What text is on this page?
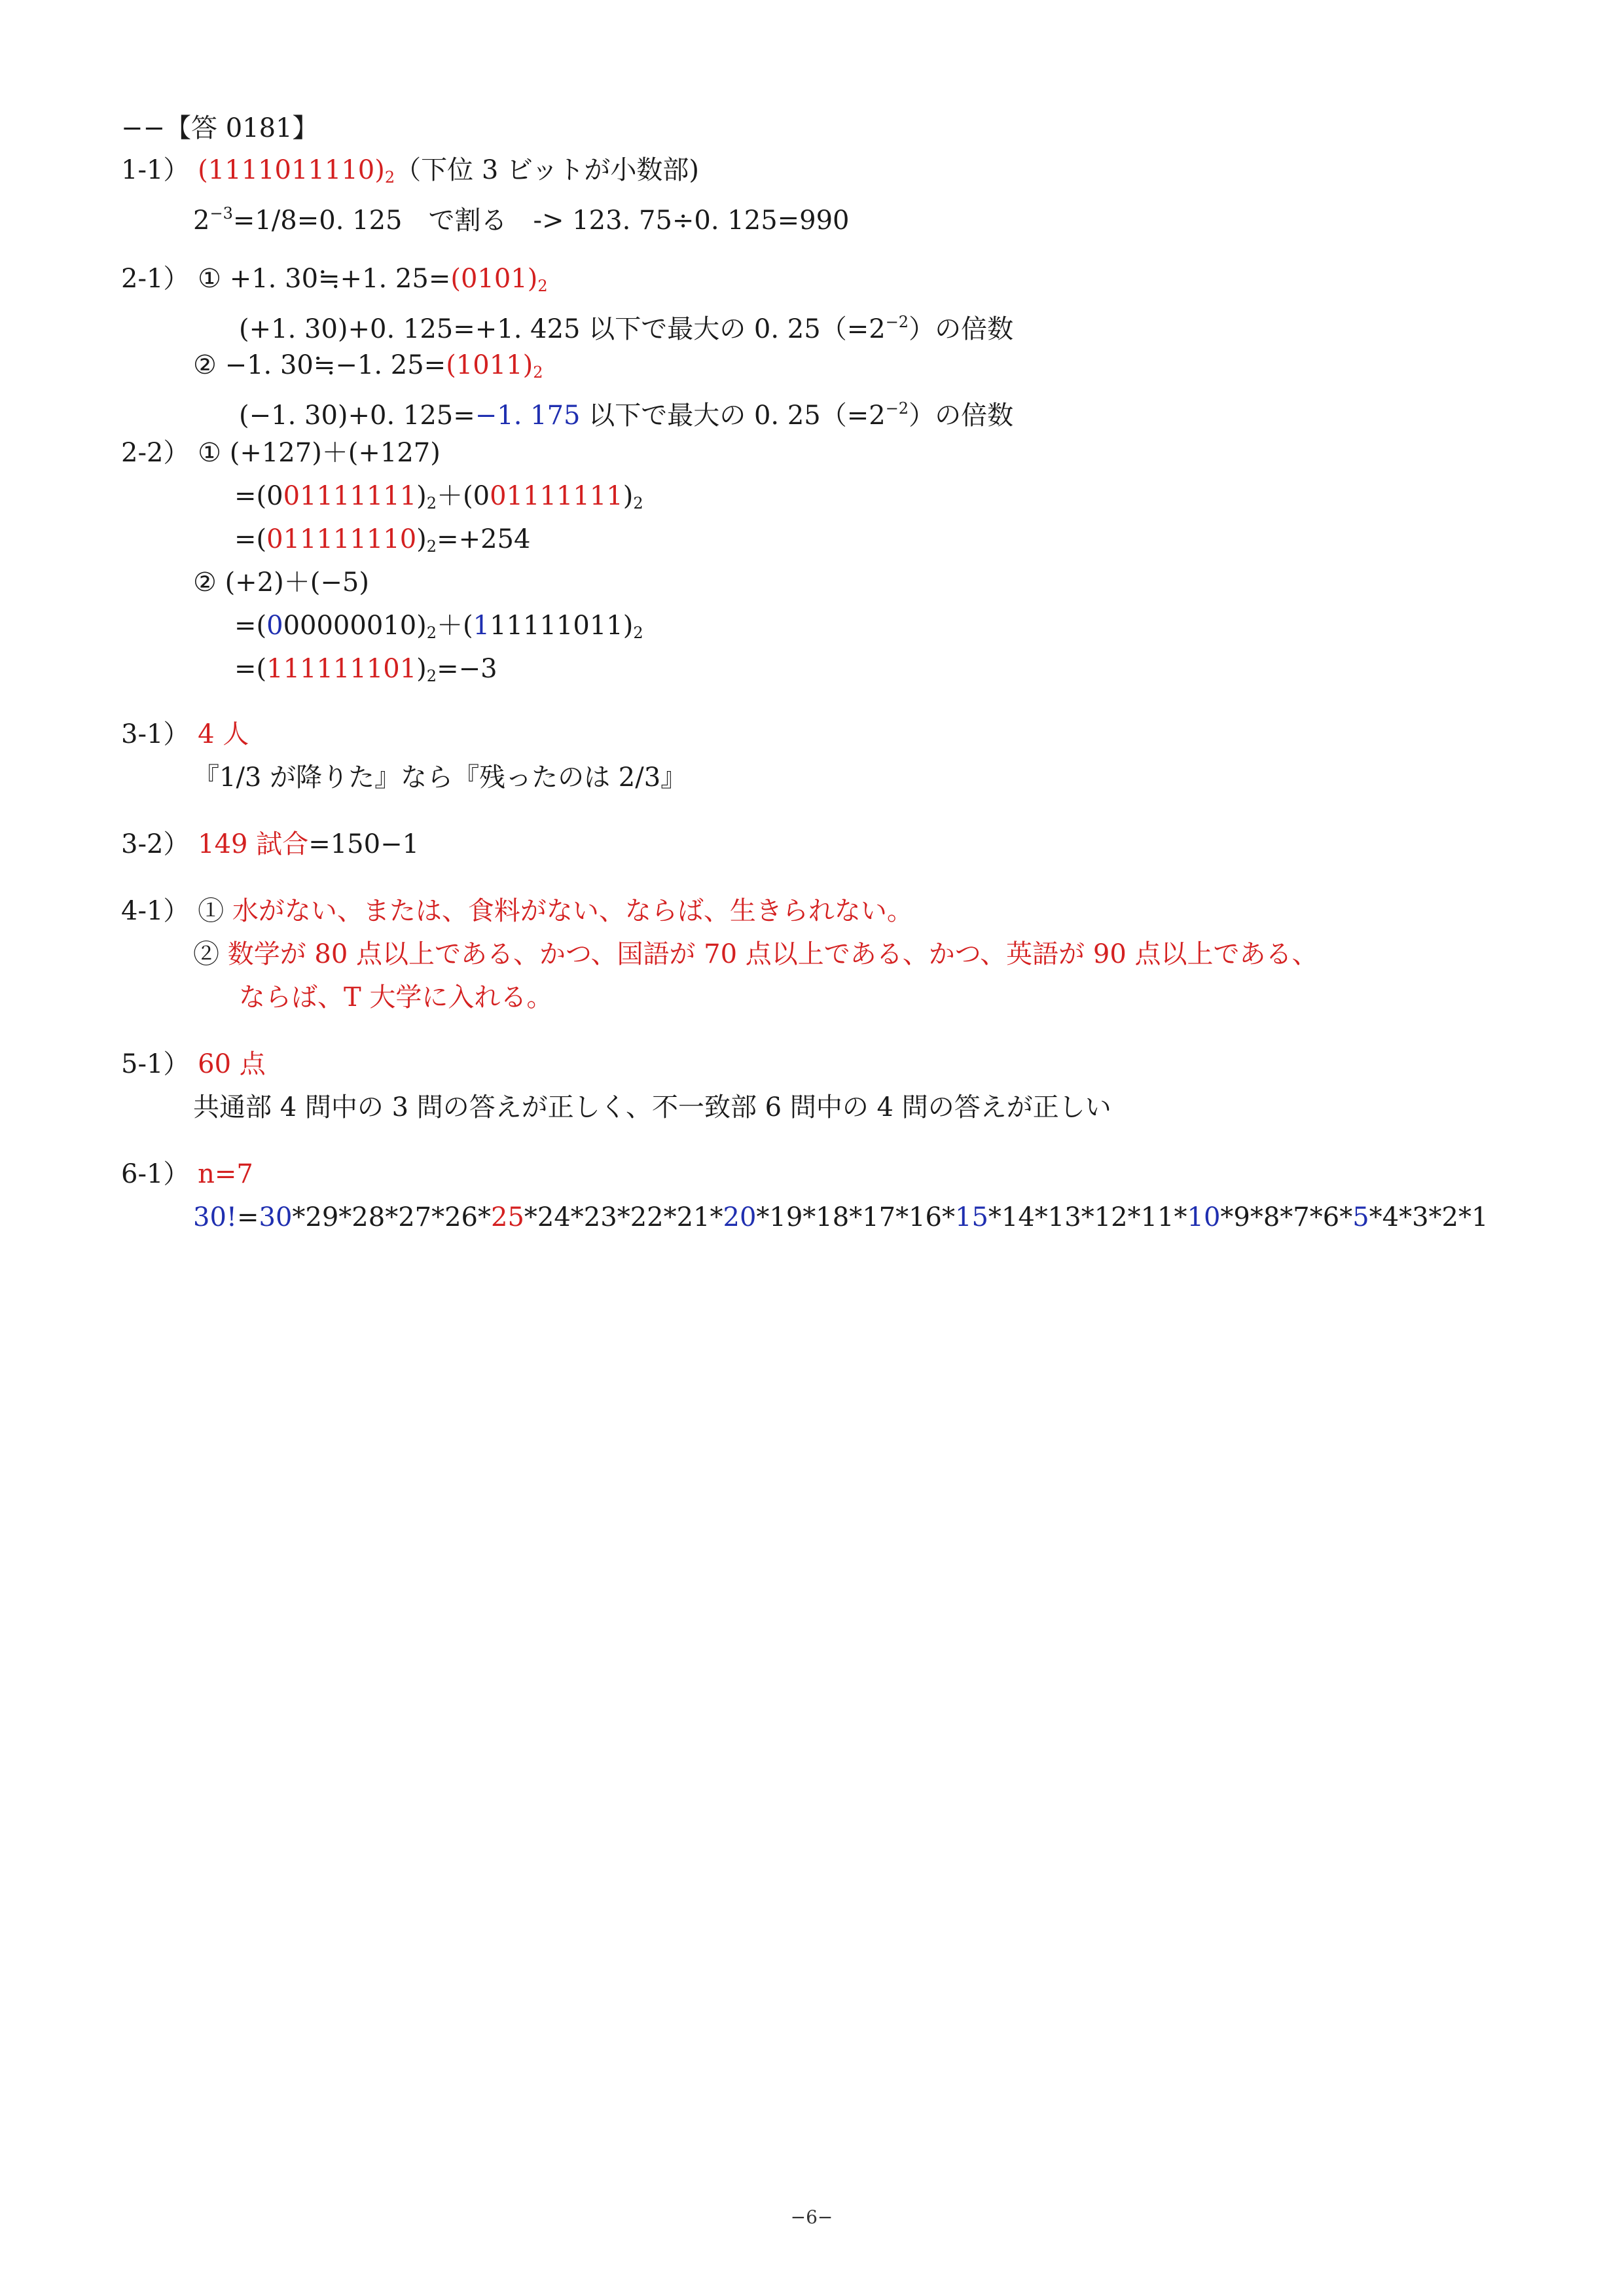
−−【答 0181】
1-1） $(1111011110)_2$（下位 3 ビットが小数部)
$2^{-3}=1/8=0$. 125　で割る　-> 123. 75÷0. 125=990
2-1） ① +1. 30≒+1. $25=(0101)_2$
(+1. 30)+0. 125=+1. 425 以下で最大の 0. $25(=2^{-2})$の倍数
② −1. 30≒−1. $25=(1011)_2$
(−1. 30)+0. 125=−1. 175 以下で最大の 0. $25(=2^{-2})$の倍数
2-2） ① (+127)＋(+127)
$=(001111111)_2+(001111111)_2$
$=(011111110)_2=+254$
② (+2)＋(−5)
$=(000000010)_2+(111111011)_2$
$=(111111101)_2=-3$
3-1） 4 人
『1/3 が降りた』なら『残ったのは 2/3』
3-2） 149 試合=150−1
4-1） ① 水がない、または、食料がない、ならば、生きられない。
② 数学が 80 点以上である、かつ、国語が 70 点以上である、かつ、英語が 90 点以上である、
ならば、T 大学に入れる。
5-1） 60 点
共通部 4 問中の 3 問の答えが正しく、不一致部 6 問中の 4 問の答えが正しい
6-1） n=7
30!=30*29*28*27*26*25*24*23*22*21*20*19*18*17*16*15*14*13*12*11*10*9*8*7*6*5*4*3*2*1
−6−
